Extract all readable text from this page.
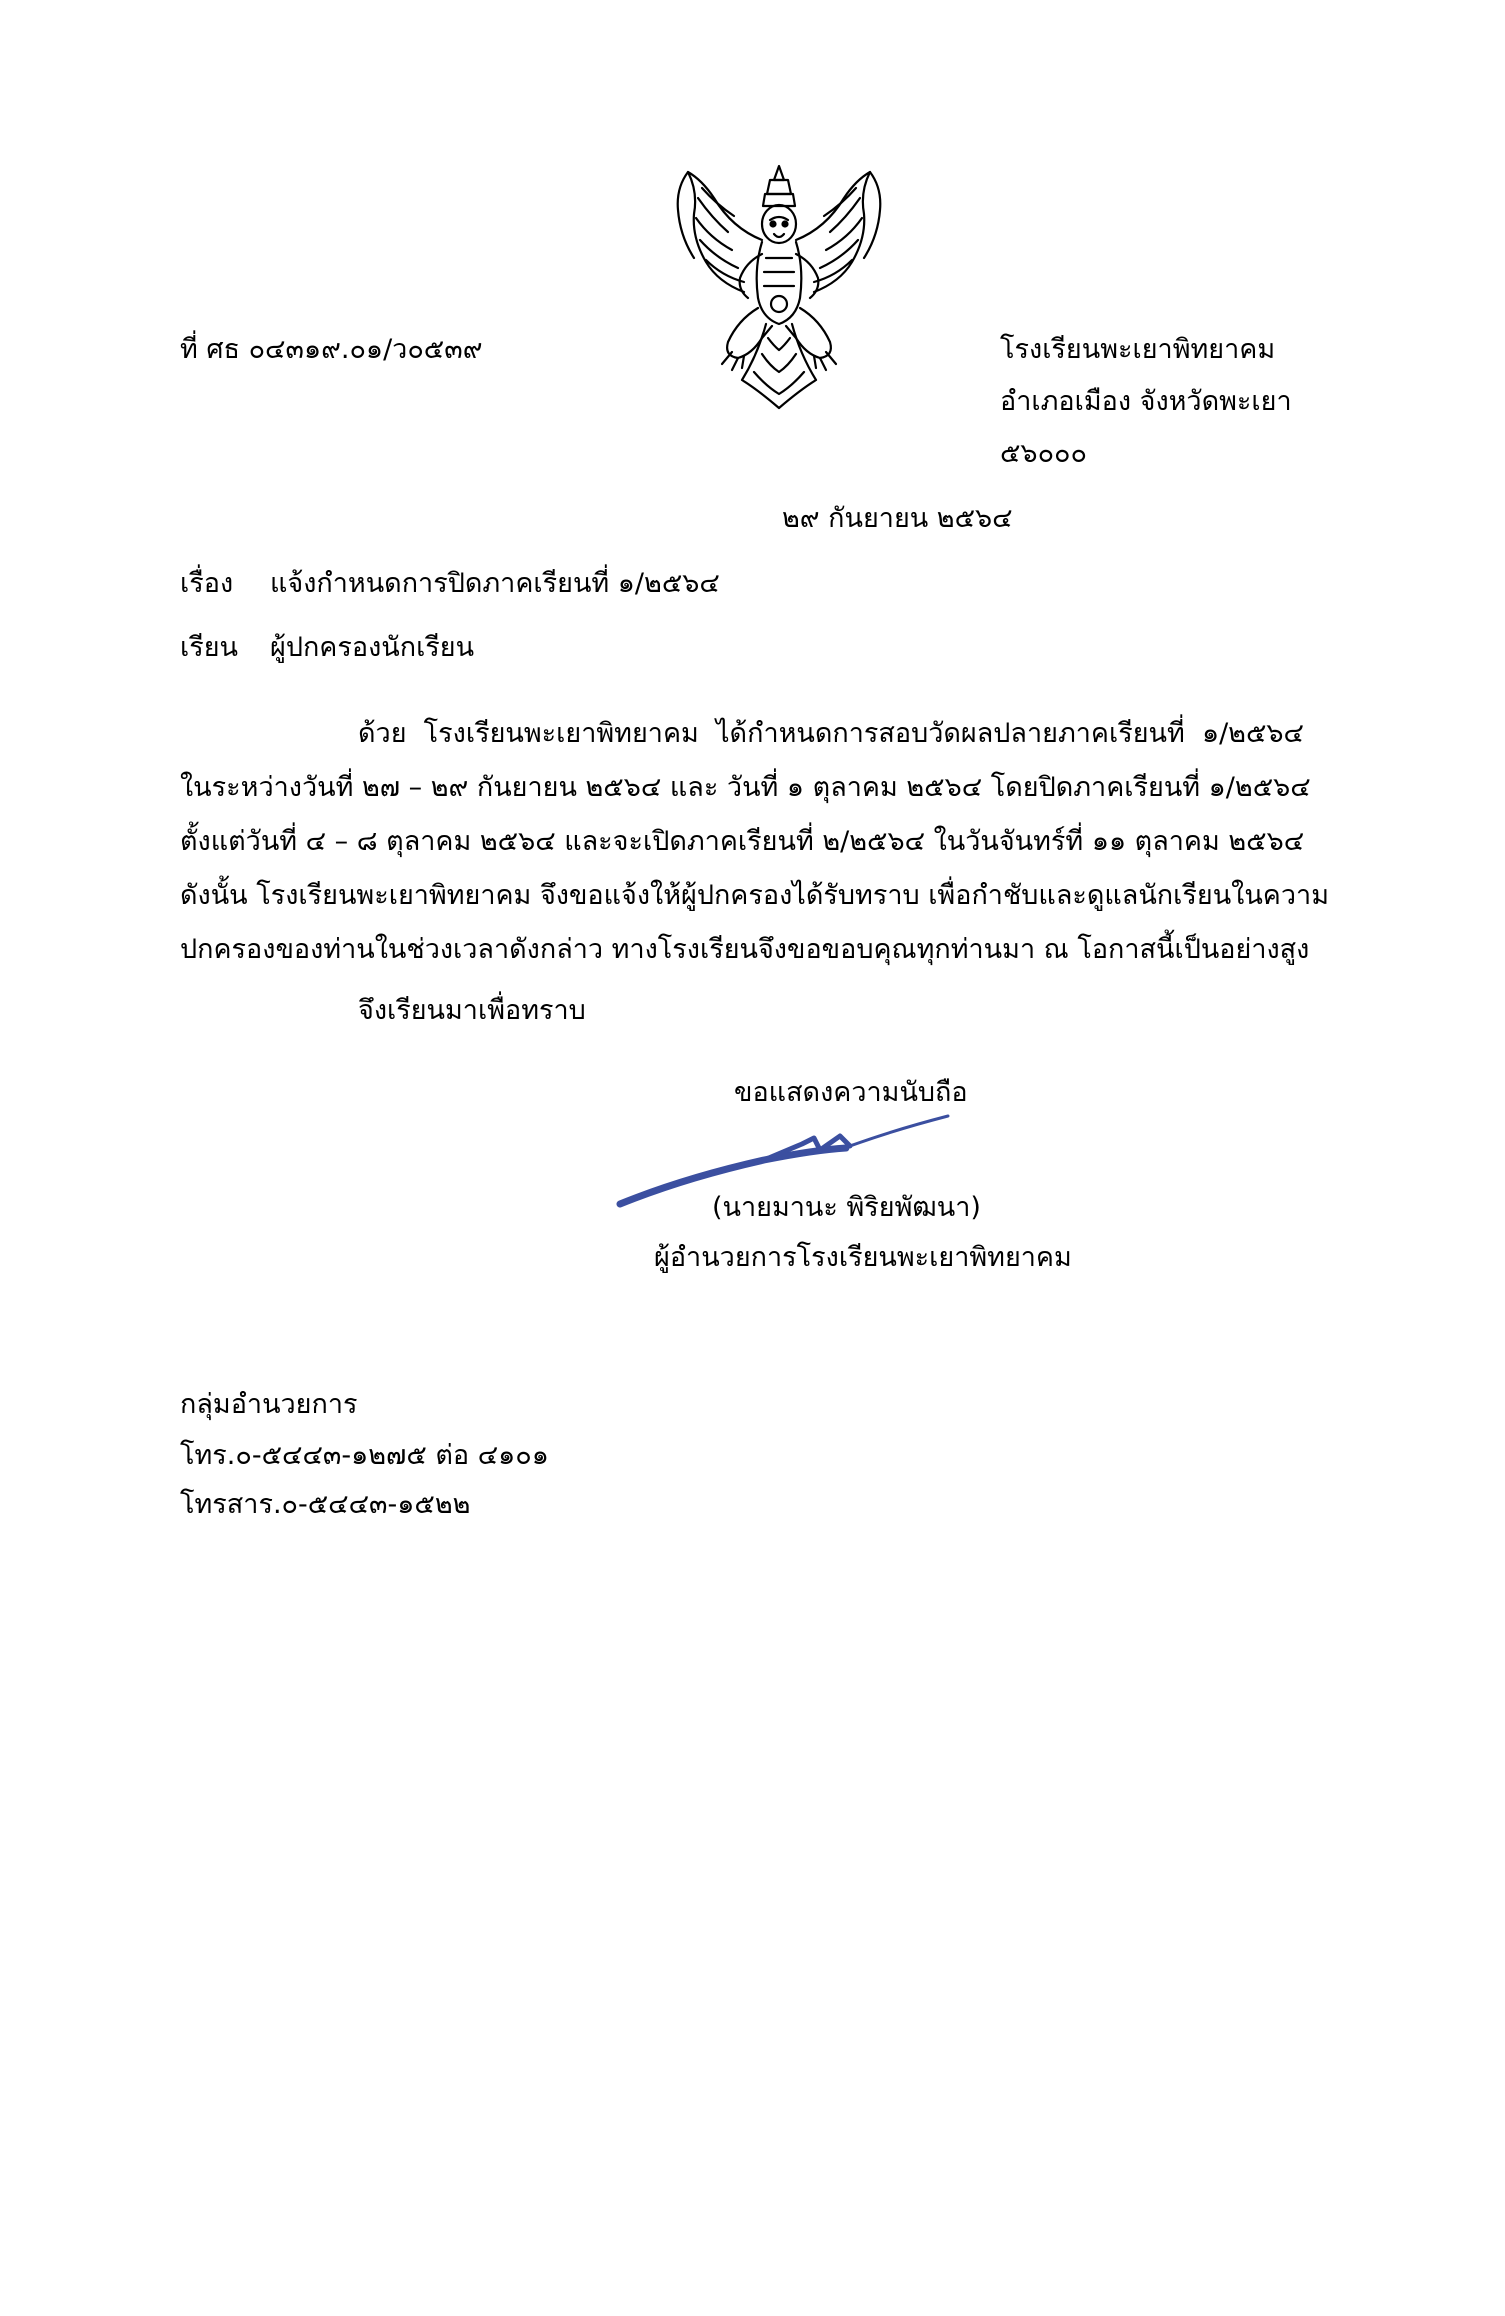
ที่ ศธ ๐๔๓๑๙.๐๑/ว๐๕๓๙	โรงเรียนพะเยาพิทยาคม
อำเภอเมือง จังหวัดพะเยา
๕๖๐๐๐
๒๙ กันยายน ๒๕๖๔
เรื่อง แจ้งกำหนดการปิดภาคเรียนที่ ๑/๒๕๖๔
เรียน ผู้ปกครองนักเรียน
ด้วย โรงเรียนพะเยาพิทยาคม ได้กำหนดการสอบวัดผลปลายภาคเรียนที่ ๑/๒๕๖๔
ในระหว่างวันที่ ๒๗ – ๒๙ กันยายน ๒๕๖๔ และ วันที่ ๑ ตุลาคม ๒๕๖๔ โดยปิดภาคเรียนที่ ๑/๒๕๖๔
ตั้งแต่วันที่ ๔ – ๘ ตุลาคม ๒๕๖๔ และจะเปิดภาคเรียนที่ ๒/๒๕๖๔ ในวันจันทร์ที่ ๑๑ ตุลาคม ๒๕๖๔
ดังนั้น โรงเรียนพะเยาพิทยาคม จึงขอแจ้งให้ผู้ปกครองได้รับทราบ เพื่อกำชับและดูแลนักเรียนในความ
ปกครองของท่านในช่วงเวลาดังกล่าว ทางโรงเรียนจึงขอขอบคุณทุกท่านมา ณ โอกาสนี้เป็นอย่างสูง
จึงเรียนมาเพื่อทราบ
ขอแสดงความนับถือ
(นายมานะ พิริยพัฒนา)
ผู้อำนวยการโรงเรียนพะเยาพิทยาคม
กลุ่มอำนวยการ
โทร.๐-๕๔๔๓-๑๒๗๕ ต่อ ๔๑๐๑
โทรสาร.๐-๕๔๔๓-๑๕๒๒
